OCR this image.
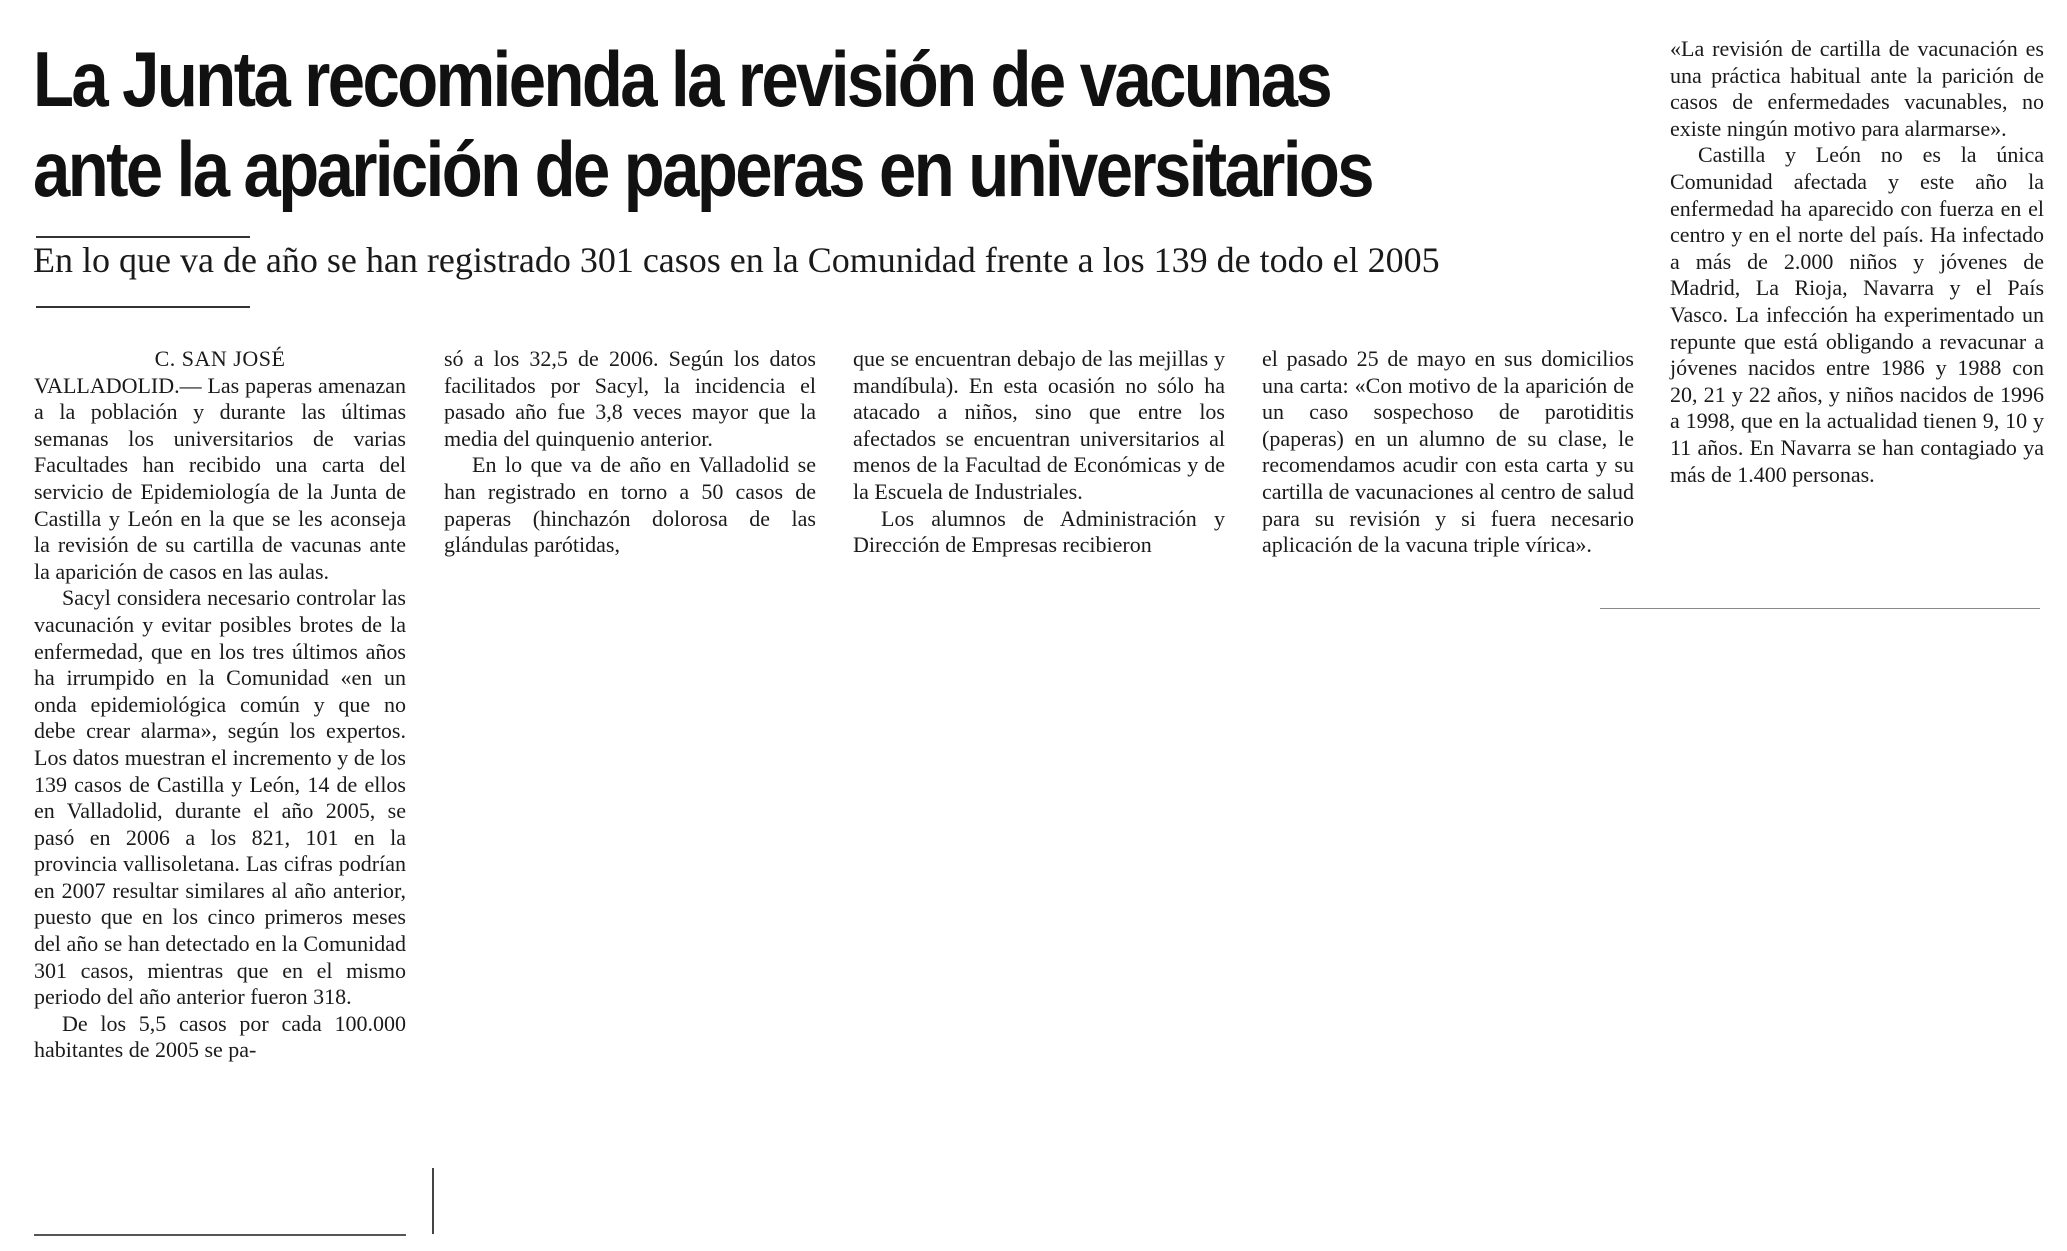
La Junta recomienda la revisión de vacunas
ante la aparición de paperas en universitarios
En lo que va de año se han registrado 301 casos en la Comunidad frente a los 139 de todo el 2005

C. SAN JOSÉ

VALLADOLID.— Las paperas amenazan a la población y durante las últimas semanas los universitarios de varias Facultades han recibido una carta del servicio de Epidemiología de la Junta de Castilla y León en la que se les aconseja la revisión de su cartilla de vacunas ante la aparición de casos en las aulas.

Sacyl considera necesario controlar las vacunación y evitar posibles brotes de la enfermedad, que en los tres últimos años ha irrumpido en la Comunidad «en un onda epidemiológica común y que no debe crear alarma», según los expertos. Los datos muestran el incremento y de los 139 casos de Castilla y León, 14 de ellos en Valladolid, durante el año 2005, se pasó en 2006 a los 821, 101 en la provincia vallisoletana. Las cifras podrían en 2007 resultar similares al año anterior, puesto que en los cinco primeros meses del año se han detectado en la Comunidad 301 casos, mientras que en el mismo periodo del año anterior fueron 318.

De los 5,5 casos por cada 100.000 habitantes de 2005 se pa-

só a los 32,5 de 2006. Según los datos facilitados por Sacyl, la incidencia el pasado año fue 3,8 veces mayor que la media del quinquenio anterior.

En lo que va de año en Valladolid se han registrado en torno a 50 casos de paperas (hinchazón dolorosa de las glándulas parótidas,

que se encuentran debajo de las mejillas y mandíbula). En esta ocasión no sólo ha atacado a niños, sino que entre los afectados se encuentran universitarios al menos de la Facultad de Económicas y de la Escuela de Industriales.

Los alumnos de Administración y Dirección de Empresas recibieron

el pasado 25 de mayo en sus domicilios una carta: «Con motivo de la aparición de un caso sospechoso de parotiditis (paperas) en un alumno de su clase, le recomendamos acudir con esta carta y su cartilla de vacunaciones al centro de salud para su revisión y si fuera necesario aplicación de la vacuna triple vírica».

«La revisión de cartilla de vacunación es una práctica habitual ante la parición de casos de enfermedades vacunables, no existe ningún motivo para alarmarse».

Castilla y León no es la única Comunidad afectada y este año la enfermedad ha aparecido con fuerza en el centro y en el norte del país. Ha infectado a más de 2.000 niños y jóvenes de Madrid, La Rioja, Navarra y el País Vasco. La infección ha experimentado un repunte que está obligando a revacunar a jóvenes nacidos entre 1986 y 1988 con 20, 21 y 22 años, y niños nacidos de 1996 a 1998, que en la actualidad tienen 9, 10 y 11 años. En Navarra se han contagiado ya más de 1.400 personas.
